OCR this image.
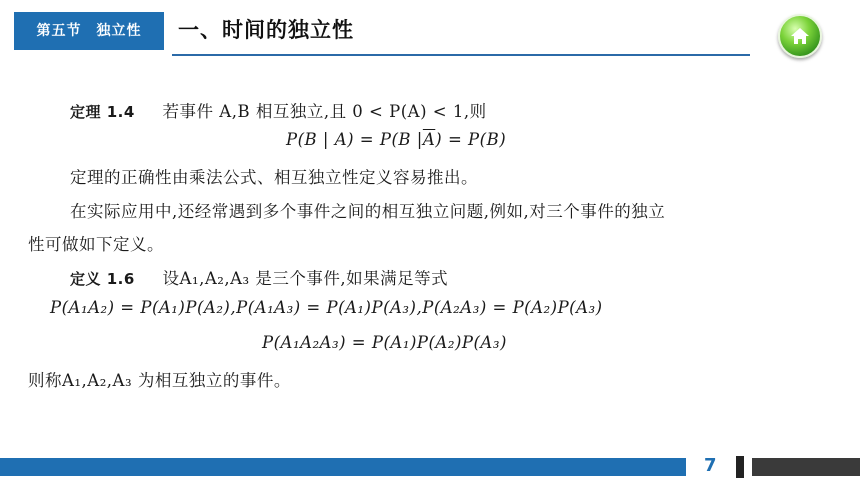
第五节　独立性	一、时间的独立性
定理 1.4 若事件 A,B 相互独立,且 0 < P(A) < 1,则
P(B | A) = P(B $|\overline{A}) = P(B)$
定理的正确性由乘法公式、相互独立性定义容易推出。
在实际应用中,还经常遇到多个事件之间的相互独立问题,例如,对三个事件的独立
性可做如下定义。
定义 1.6 设A₁,A₂,A₃ 是三个事件,如果满足等式
P(A₁A₂) = P(A₁)P(A₂),P(A₁A₃) = P(A₁)P(A₃),P(A₂A₃) = P(A₂)P(A₃)
P(A₁A₂A₃) = P(A₁)P(A₂)P(A₃)
则称A₁,A₂,A₃ 为相互独立的事件。
7
